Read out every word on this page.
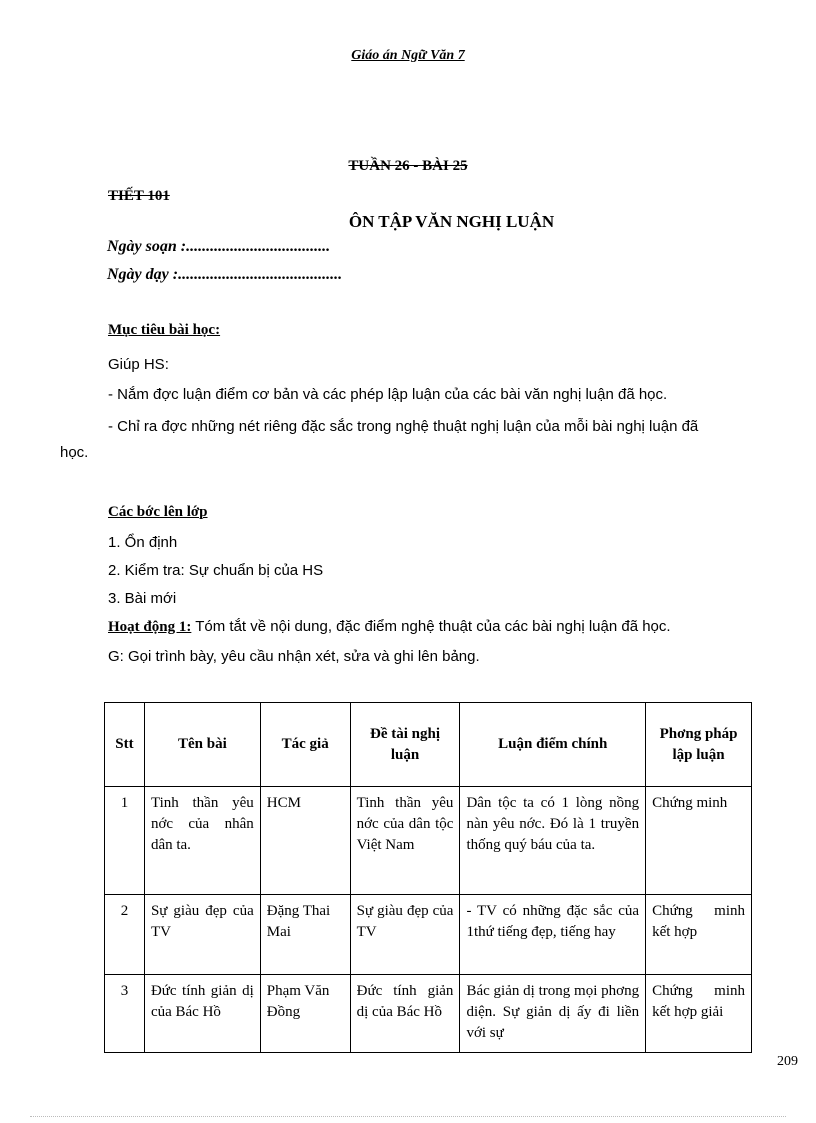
Giáo án Ngữ Văn 7
TUẦN 26 - BÀI 25
TIẾT 101
ÔN TẬP VĂN NGHỊ LUẬN
Ngày soạn :....................................
Ngày dạy :.........................................
Mục tiêu bài học:
Giúp HS:
- Nắm đợc luận điểm cơ bản và các phép lập luận của các bài văn nghị luận đã học.
- Chỉ ra đợc những nét riêng đặc sắc trong nghệ thuật nghị luận của mỗi bài nghị luận đã
học.
Các bớc lên lớp
1. Ổn định
2. Kiểm tra: Sự chuẩn bị của HS
3. Bài mới
Hoạt động 1: Tóm tắt về nội dung, đặc điểm nghệ thuật của các bài nghị luận đã học.
G: Gọi trình bày, yêu cầu nhận xét, sửa và ghi lên bảng.
Stt	Tên bài	Tác giả	Đề tài nghị luận	Luận điểm chính	Phơng pháp lập luận
1	Tinh thần yêu nớc của nhân dân ta.	HCM	Tinh thần yêu nớc của dân tộc Việt Nam	Dân tộc ta có 1 lòng nồng nàn yêu nớc. Đó là 1 truyền thống quý báu của ta.	Chứng minh
2	Sự giàu đẹp của TV	Đặng Thai Mai	Sự giàu đẹp của TV	- TV có những đặc sắc của 1thứ tiếng đẹp, tiếng hay	Chứng minh kết hợp
3	Đức tính giản dị của Bác Hồ	Phạm Văn Đồng	Đức tính giản dị của Bác Hồ	Bác giản dị trong mọi phơng diện. Sự giản dị ấy đi liền với sự	Chứng minh kết hợp giải
209
